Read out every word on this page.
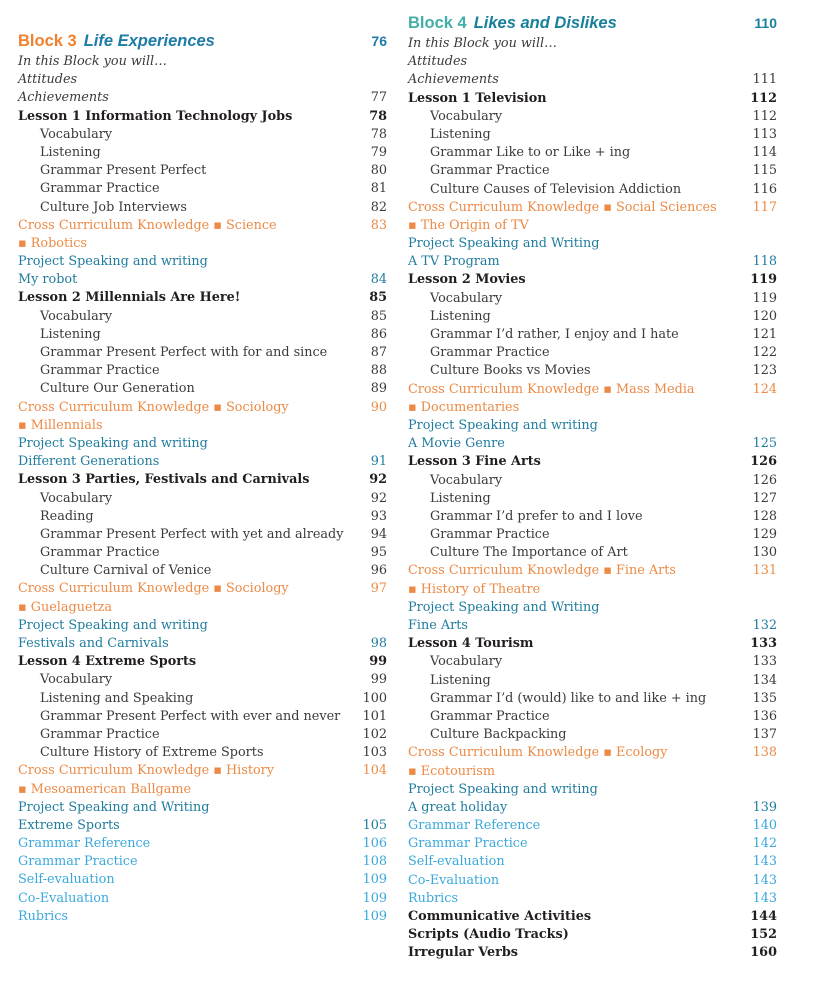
Block 3 Life Experiences	76
In this Block you will…
Attitudes
Achievements	77
Lesson 1 Information Technology Jobs	78
Vocabulary	78
Listening	79
Grammar Present Perfect	80
Grammar Practice	81
Culture Job Interviews	82
Cross Curriculum Knowledge ▪ Science	83
▪ Robotics
Project Speaking and writing
My robot	84
Lesson 2 Millennials Are Here!	85
Vocabulary	85
Listening	86
Grammar Present Perfect with for and since	87
Grammar Practice	88
Culture Our Generation	89
Cross Curriculum Knowledge ▪ Sociology	90
▪ Millennials
Project Speaking and writing
Different Generations	91
Lesson 3 Parties, Festivals and Carnivals	92
Vocabulary	92
Reading	93
Grammar Present Perfect with yet and already 94
Grammar Practice	95
Culture Carnival of Venice	96
Cross Curriculum Knowledge ▪ Sociology	97
▪ Guelaguetza
Project Speaking and writing
Festivals and Carnivals	98
Lesson 4 Extreme Sports	99
Vocabulary	99
Listening and Speaking	100
Grammar Present Perfect with ever and never 101
Grammar Practice	102
Culture History of Extreme Sports	103
Cross Curriculum Knowledge ▪ History	104
▪ Mesoamerican Ballgame
Project Speaking and Writing
Extreme Sports	105
Grammar Reference	106
Grammar Practice	108
Self-evaluation	109
Co-Evaluation	109
Rubrics	109
Block 4 Likes and Dislikes	110
In this Block you will…
Attitudes
Achievements	111
Lesson 1 Television	112
Vocabulary	112
Listening	113
Grammar Like to or Like + ing	114
Grammar Practice	115
Culture Causes of Television Addiction	116
Cross Curriculum Knowledge ▪ Social Sciences	117
▪ The Origin of TV
Project Speaking and Writing
A TV Program	118
Lesson 2 Movies	119
Vocabulary	119
Listening	120
Grammar I’d rather, I enjoy and I hate	121
Grammar Practice	122
Culture Books vs Movies	123
Cross Curriculum Knowledge ▪ Mass Media	124
▪ Documentaries
Project Speaking and writing
A Movie Genre	125
Lesson 3 Fine Arts	126
Vocabulary	126
Listening	127
Grammar I’d prefer to and I love	128
Grammar Practice	129
Culture The Importance of Art	130
Cross Curriculum Knowledge ▪ Fine Arts	131
▪ History of Theatre
Project Speaking and Writing
Fine Arts	132
Lesson 4 Tourism	133
Vocabulary	133
Listening	134
Grammar I’d (would) like to and like + ing	135
Grammar Practice	136
Culture Backpacking	137
Cross Curriculum Knowledge ▪ Ecology	138
▪ Ecotourism
Project Speaking and writing
A great holiday	139
Grammar Reference	140
Grammar Practice	142
Self-evaluation	143
Co-Evaluation	143
Rubrics	143
Communicative Activities	144
Scripts (Audio Tracks)	152
Irregular Verbs	160
